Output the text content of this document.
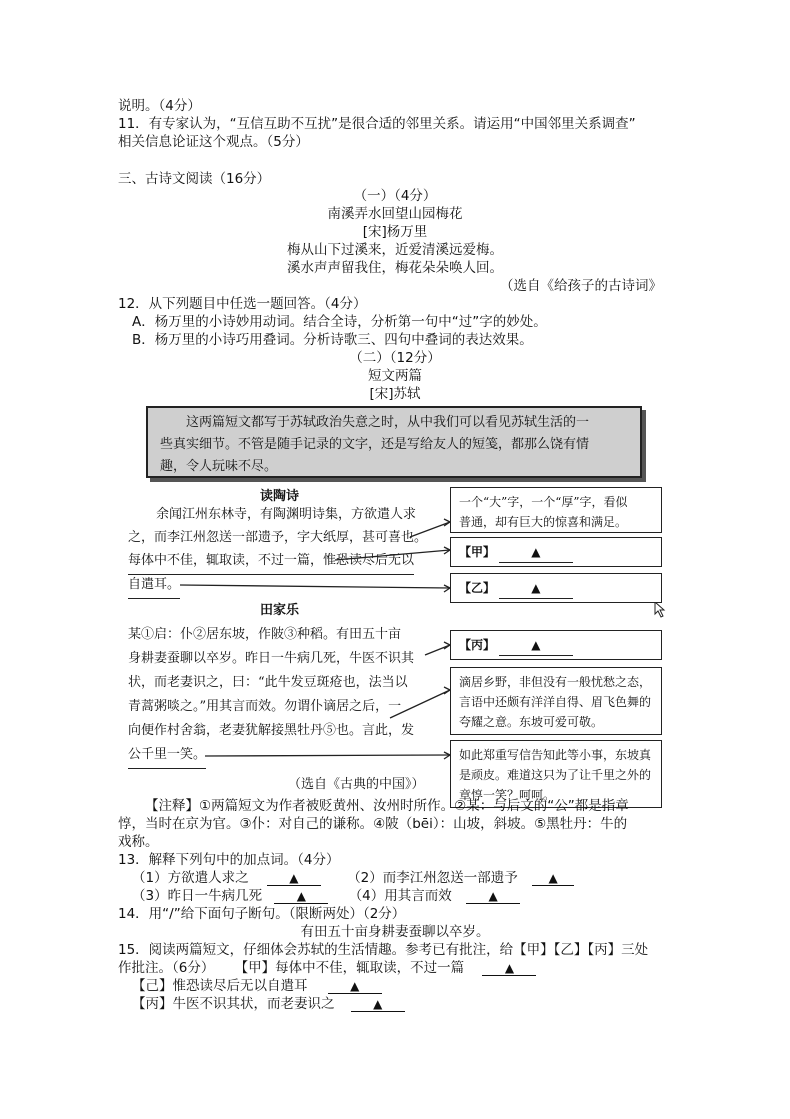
说明。（4分）
11．有专家认为，“互信互助不互扰”是很合适的邻里关系。请运用“中国邻里关系调查”
相关信息论证这个观点。（5分）
三、古诗文阅读（16分）
（一）（4分）
南溪弄水回望山园梅花
[宋]杨万里
梅从山下过溪来，近爱清溪远爱梅。
溪水声声留我住，梅花朵朵唤人回。
（选自《给孩子的古诗词》
12．从下列题目中任选一题回答。（4分）
A．杨万里的小诗妙用动词。结合全诗，分析第一句中“过”字的妙处。
B．杨万里的小诗巧用叠词。分析诗歌三、四句中叠词的表达效果。
（二）（12分）
短文两篇
[宋]苏轼
这两篇短文都写于苏轼政治失意之时，从中我们可以看见苏轼生活的一
些真实细节。不管是随手记录的文字，还是写给友人的短笺，都那么饶有情
趣，令人玩味不尽。
读陶诗
余闻江州东林寺，有陶渊明诗集，方欲遣人求
之，而李江州忽送一部遗予，字大纸厚，甚可喜也。
每体中不佳，辄取读，不过一篇，惟恐读尽后无以
自遣耳。
田家乐
某①启：仆②居东坡，作陂③种稻。有田五十亩
身耕妻蚕聊以卒岁。昨日一牛病几死，牛医不识其
状，而老妻识之，曰：“此牛发豆斑疮也，法当以
青蒿粥啖之。”用其言而效。勿谓仆谪居之后，一
向便作村舍翁，老妻犹解接黑牡丹⑤也。言此，发
公千里一笑。
一个“大”字，一个“厚”字，看似
普通，却有巨大的惊喜和满足。
【甲】	▲
【乙】	▲
【丙】	▲
滴居乡野，非但没有一般忧愁之态，
言语中还颇有洋洋自得、眉飞色舞的
夸耀之意。东坡可爱可敬。
如此郑重写信告知此等小事，东坡真
是顽皮。难道这只为了让千里之外的
章惇一笑？呵呵。
（选自《古典的中国》）
【注释】①两篇短文为作者被贬黄州、汝州时所作。②某：与后文的“公”都是指章
惇，当时在京为官。③仆：对自己的谦称。④陂（bēi）：山坡，斜坡。⑤黑牡丹：牛的
戏称。
13．解释下列句中的加点词。（4分）
（1）方欲遣人求之	▲	（2）而李江州忽送一部遗予	▲
（3）昨日一牛病几死	▲	（4）用其言而效	▲
14．用“/”给下面句子断句。（限断两处）（2分）
有田五十亩身耕妻蚕聊以卒岁。
15．阅读两篇短文，仔细体会苏轼的生活情趣。参考已有批注，给【甲】【乙】【丙】三处
作批注。（6分） 【甲】每体中不佳，辄取读，不过一篇	▲
【己】惟恐读尽后无以自遣耳	▲
【丙】牛医不识其状，而老妻识之	▲
